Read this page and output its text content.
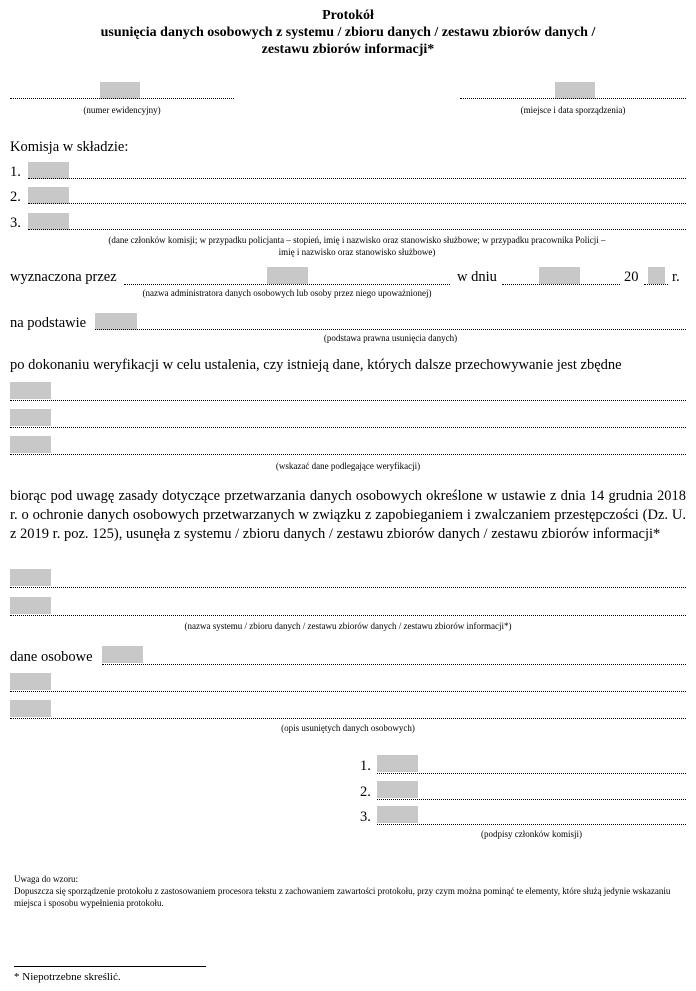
Protokół
usunięcia danych osobowych z systemu / zbioru danych / zestawu zbiorów danych /
zestawu zbiorów informacji*
(numer ewidencyjny)	(miejsce i data sporządzenia)
Komisja w składzie:
1.
2.
3.
(dane członków komisji; w przypadku policjanta – stopień, imię i nazwisko oraz stanowisko służbowe; w przypadku pracownika Policji –
imię i nazwisko oraz stanowisko służbowe)
wyznaczona przez	w dniu	20 r.
(nazwa administratora danych osobowych lub osoby przez niego upoważnionej)
na podstawie
(podstawa prawna usunięcia danych)
po dokonaniu weryfikacji w celu ustalenia, czy istnieją dane, których dalsze przechowywanie jest zbędne
(wskazać dane podlegające weryfikacji)
biorąc pod uwagę zasady dotyczące przetwarzania danych osobowych określone w ustawie z dnia 14 grudnia 2018 r. o ochronie danych osobowych przetwarzanych w związku z zapobieganiem i zwalczaniem przestępczości (Dz. U. z 2019 r. poz. 125), usunęła z systemu / zbioru danych / zestawu zbiorów danych / zestawu zbiorów informacji*
(nazwa systemu / zbioru danych / zestawu zbiorów danych / zestawu zbiorów informacji*)
dane osobowe
(opis usuniętych danych osobowych)
1.
2.
3.
(podpisy członków komisji)
Uwaga do wzoru:
Dopuszcza się sporządzenie protokołu z zastosowaniem procesora tekstu z zachowaniem zawartości protokołu, przy czym można pominąć te elementy, które służą jedynie wskazaniu miejsca i sposobu wypełnienia protokołu.
* Niepotrzebne skreślić.
